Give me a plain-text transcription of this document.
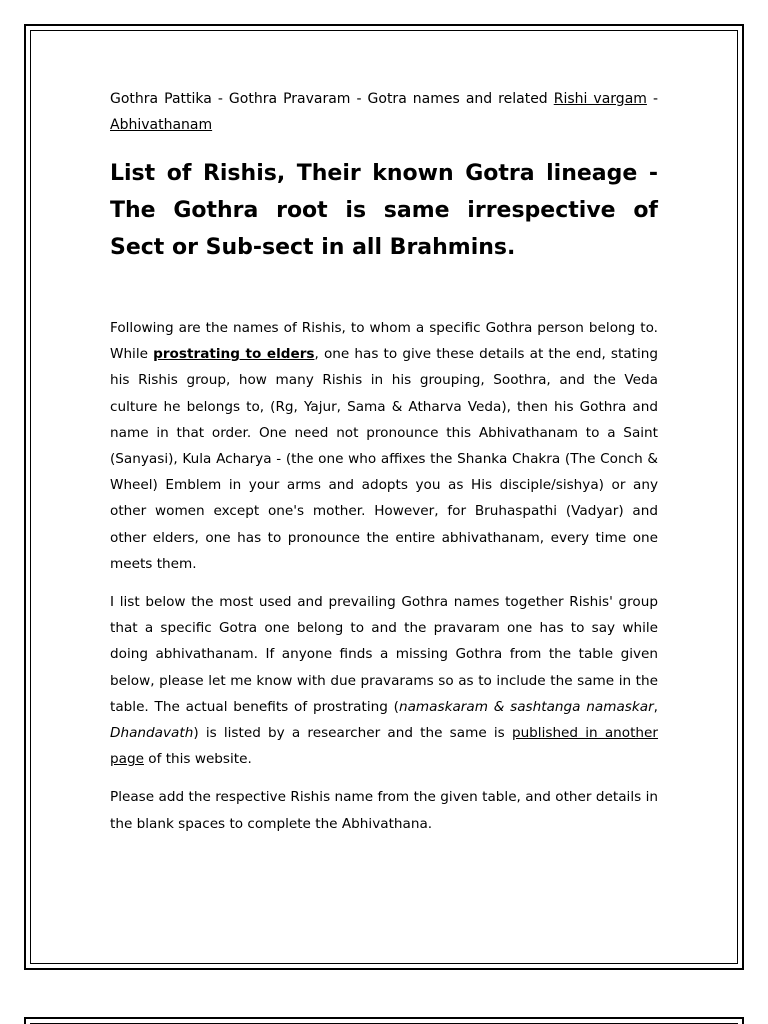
Gothra Pattika - Gothra Pravaram - Gotra names and related Rishi vargam - Abhivathanam

List of Rishis, Their known Gotra lineage - The Gothra root is same irrespective of Sect or Sub-sect in all Brahmins.

Following are the names of Rishis, to whom a specific Gothra person belong to. While prostrating to elders, one has to give these details at the end, stating his Rishis group, how many Rishis in his grouping, Soothra, and the Veda culture he belongs to, (Rg, Yajur, Sama & Atharva Veda), then his Gothra and name in that order. One need not pronounce this Abhivathanam to a Saint (Sanyasi), Kula Acharya - (the one who affixes the Shanka Chakra (The Conch & Wheel) Emblem in your arms and adopts you as His disciple/sishya) or any other women except one's mother. However, for Bruhaspathi (Vadyar) and other elders, one has to pronounce the entire abhivathanam, every time one meets them.

I list below the most used and prevailing Gothra names together Rishis' group that a specific Gotra one belong to and the pravaram one has to say while doing abhivathanam. If anyone finds a missing Gothra from the table given below, please let me know with due pravarams so as to include the same in the table. The actual benefits of prostrating (namaskaram & sashtanga namaskar, Dhandavath) is listed by a researcher and the same is published in another page of this website.

Please add the respective Rishis name from the given table, and other details in the blank spaces to complete the Abhivathana.
